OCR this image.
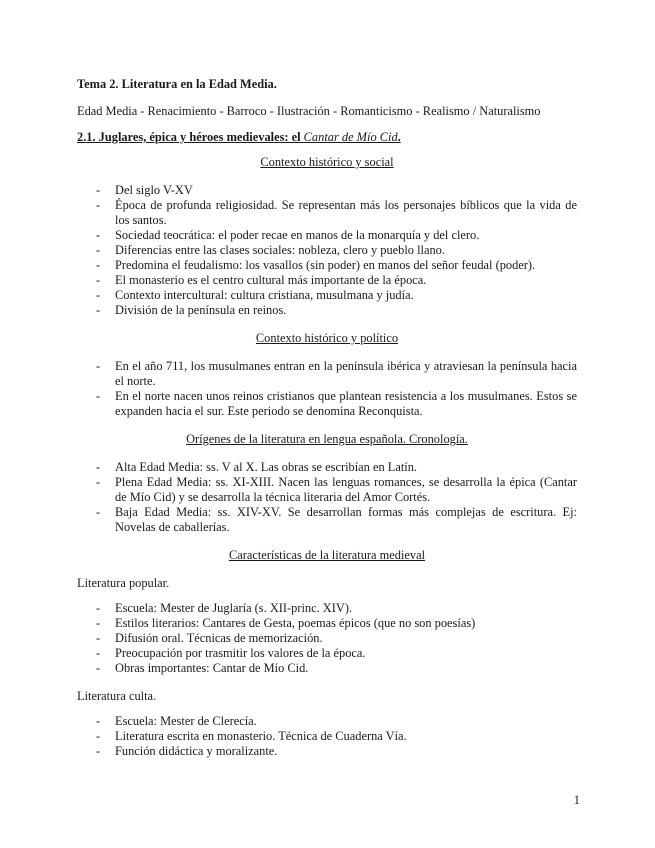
Tema 2. Literatura en la Edad Media.
Edad Media - Renacimiento - Barroco - Ilustración - Romanticismo - Realismo / Naturalismo
2.1. Juglares, épica y héroes medievales: el Cantar de Mío Cid.
Contexto histórico y social
- Del siglo V-XV
- Época de profunda religiosidad. Se representan más los personajes bíblicos que la vida de los santos.
- Sociedad teocrática: el poder recae en manos de la monarquía y del clero.
- Diferencias entre las clases sociales: nobleza, clero y pueblo llano.
- Predomina el feudalismo: los vasallos (sin poder) en manos del señor feudal (poder).
- El monasterio es el centro cultural más importante de la época.
- Contexto intercultural: cultura cristiana, musulmana y judía.
- División de la península en reinos.
Contexto histórico y político
- En el año 711, los musulmanes entran en la península ibérica y atraviesan la península hacia el norte.
- En el norte nacen unos reinos cristianos que plantean resistencia a los musulmanes. Estos se expanden hacia el sur. Este periodo se denomina Reconquista.
Orígenes de la literatura en lengua española. Cronología.
- Alta Edad Media: ss. V al X. Las obras se escribían en Latín.
- Plena Edad Media: ss. XI-XIII. Nacen las lenguas romances, se desarrolla la épica (Cantar de Mío Cid) y se desarrolla la técnica literaria del Amor Cortés.
- Baja Edad Media: ss. XIV-XV. Se desarrollan formas más complejas de escritura. Ej: Novelas de caballerías.
Características de la literatura medieval
Literatura popular.
- Escuela: Mester de Juglaría (s. XII-princ. XIV).
- Estilos literarios: Cantares de Gesta, poemas épicos (que no son poesías)
- Difusión oral. Técnicas de memorización.
- Preocupación por trasmitir los valores de la época.
- Obras importantes: Cantar de Mío Cid.
Literatura culta.
- Escuela: Mester de Clerecía.
- Literatura escrita en monasterio. Técnica de Cuaderna Vía.
- Función didáctica y moralizante.
1
